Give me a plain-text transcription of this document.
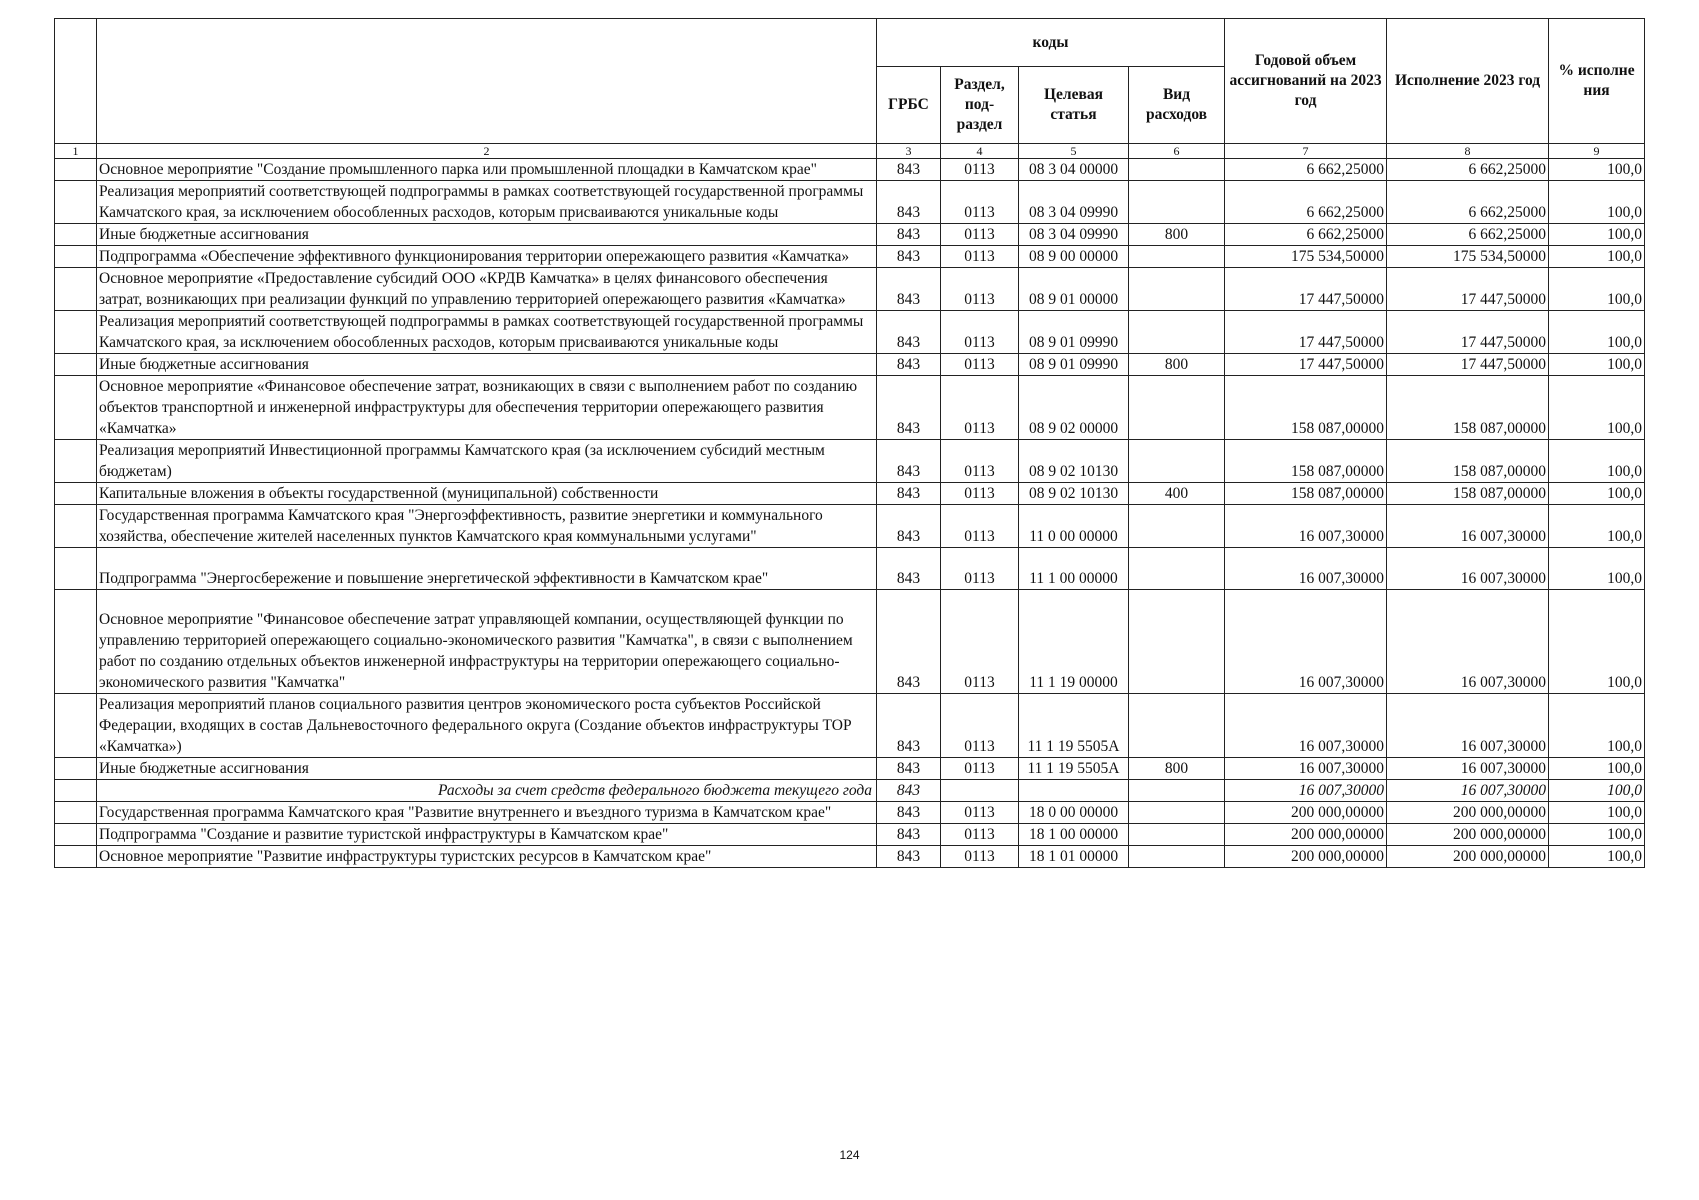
		коды				Годовой объем ассигнований на 2023 год	Исполнение 2023 год	% исполне ния
		ГРБС	Раздел, под-раздел	Целевая статья	Вид расходов			
1	2	3	4	5	6	7	8	9
	Основное мероприятие "Создание промышленного парка или промышленной площадки в Камчатском крае"	843	0113	08 3 04 00000		6 662,25000	6 662,25000	100,0
	Реализация мероприятий соответствующей подпрограммы в рамках соответствующей государственной программы Камчатского края, за исключением обособленных расходов, которым присваиваются уникальные коды	843	0113	08 3 04 09990		6 662,25000	6 662,25000	100,0
	Иные бюджетные ассигнования	843	0113	08 3 04 09990	800	6 662,25000	6 662,25000	100,0
	Подпрограмма «Обеспечение эффективного функционирования территории опережающего развития «Камчатка»	843	0113	08 9 00 00000		175 534,50000	175 534,50000	100,0
	Основное мероприятие «Предоставление субсидий ООО «КРДВ Камчатка» в целях финансового обеспечения затрат, возникающих при реализации функций по управлению территорией опережающего развития «Камчатка»	843	0113	08 9 01 00000		17 447,50000	17 447,50000	100,0
	Реализация мероприятий соответствующей подпрограммы в рамках соответствующей государственной программы Камчатского края, за исключением обособленных расходов, которым присваиваются уникальные коды	843	0113	08 9 01 09990		17 447,50000	17 447,50000	100,0
	Иные бюджетные ассигнования	843	0113	08 9 01 09990	800	17 447,50000	17 447,50000	100,0
	Основное мероприятие «Финансовое обеспечение затрат, возникающих в связи с выполнением работ по созданию объектов транспортной и инженерной инфраструктуры для обеспечения территории опережающего развития «Камчатка»	843	0113	08 9 02 00000		158 087,00000	158 087,00000	100,0
	Реализация мероприятий Инвестиционной программы Камчатского края (за исключением субсидий местным бюджетам)	843	0113	08 9 02 10130		158 087,00000	158 087,00000	100,0
	Капитальные вложения в объекты государственной (муниципальной) собственности	843	0113	08 9 02 10130	400	158 087,00000	158 087,00000	100,0
	Государственная программа Камчатского края "Энергоэффективность, развитие энергетики и коммунального хозяйства, обеспечение жителей населенных пунктов Камчатского края коммунальными услугами"	843	0113	11 0 00 00000		16 007,30000	16 007,30000	100,0
	Подпрограмма "Энергосбережение и повышение энергетической эффективности в Камчатском крае"	843	0113	11 1 00 00000		16 007,30000	16 007,30000	100,0
	Основное мероприятие "Финансовое обеспечение затрат управляющей компании, осуществляющей функции по управлению территорией опережающего социально-экономического развития "Камчатка", в связи с выполнением работ по созданию отдельных объектов инженерной инфраструктуры на территории опережающего социально-экономического развития "Камчатка"	843	0113	11 1 19 00000		16 007,30000	16 007,30000	100,0
	Реализация мероприятий планов социального развития центров экономического роста субъектов Российской Федерации, входящих в состав Дальневосточного федерального округа (Создание объектов инфраструктуры ТОР «Камчатка»)	843	0113	11 1 19 5505А		16 007,30000	16 007,30000	100,0
	Иные бюджетные ассигнования	843	0113	11 1 19 5505А	800	16 007,30000	16 007,30000	100,0
	Расходы за счет средств федерального бюджета текущего года	843				16 007,30000	16 007,30000	100,0
	Государственная программа Камчатского края "Развитие внутреннего и въездного туризма в Камчатском крае"	843	0113	18 0 00 00000		200 000,00000	200 000,00000	100,0
	Подпрограмма "Создание и развитие туристской инфраструктуры в Камчатском крае"	843	0113	18 1 00 00000		200 000,00000	200 000,00000	100,0
	Основное мероприятие "Развитие инфраструктуры туристских ресурсов в Камчатском крае"	843	0113	18 1 01 00000		200 000,00000	200 000,00000	100,0
124
